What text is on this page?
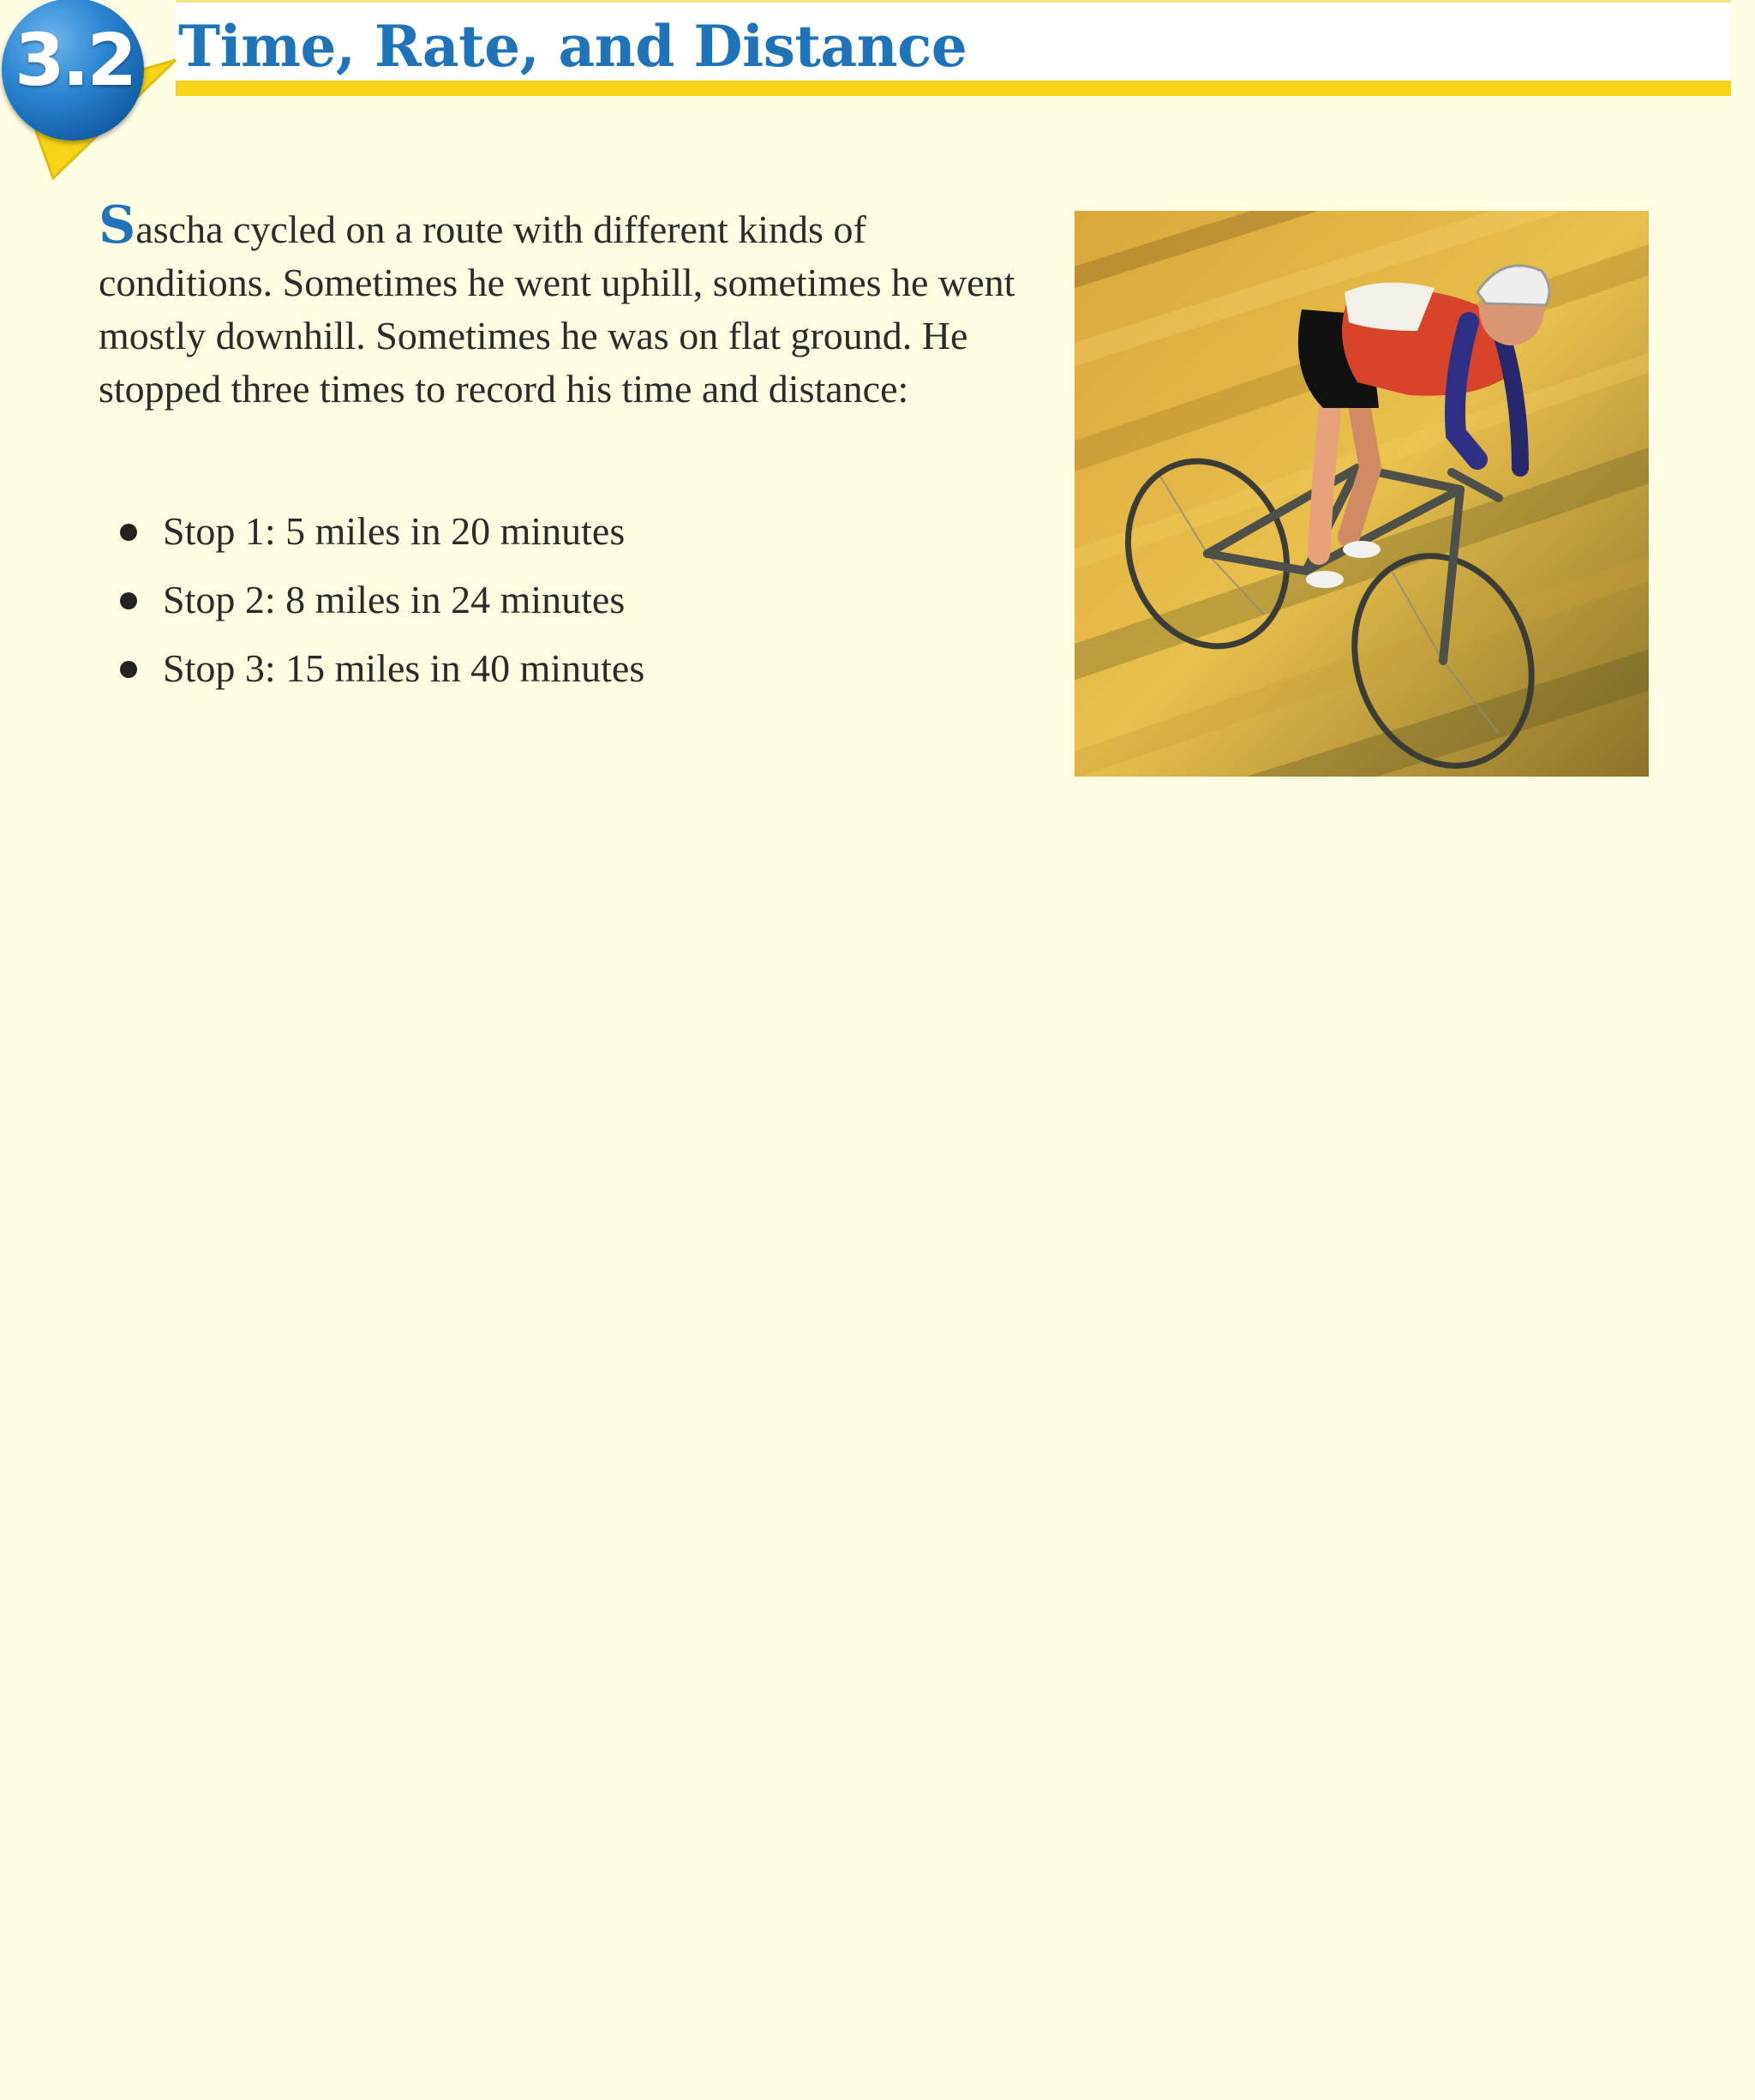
3.2 Time, Rate, and Distance

Sascha cycled on a route with different kinds of conditions. Sometimes he went uphill, sometimes he went mostly downhill. Sometimes he was on flat ground. He stopped three times to record his time and distance:

Stop 1: 5 miles in 20 minutes
Stop 2: 8 miles in 24 minutes
Stop 3: 15 miles in 40 minutes
